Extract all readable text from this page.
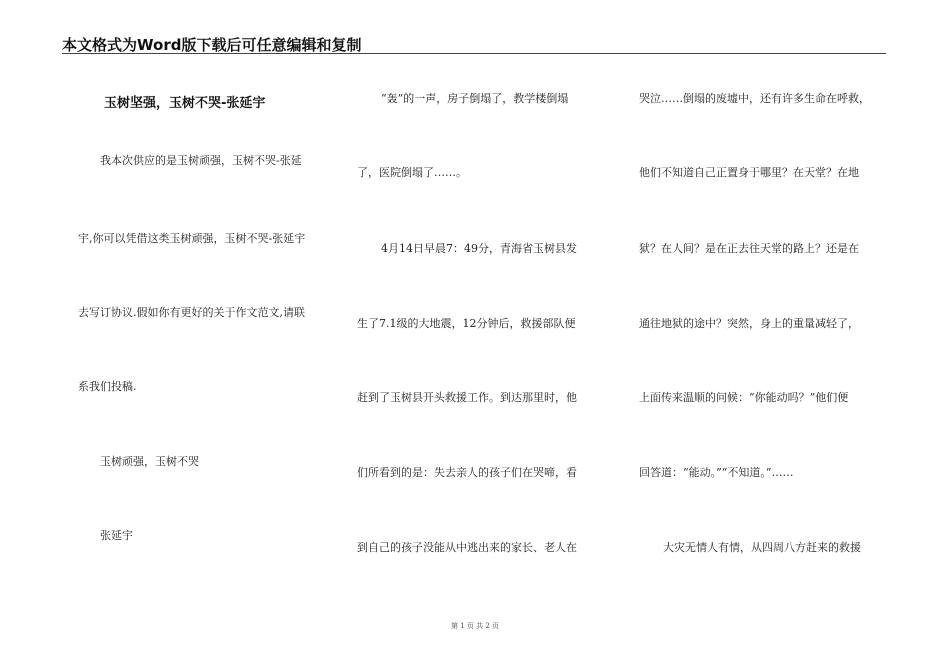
本文格式为Word版下载后可任意编辑和复制
玉树坚强，玉树不哭-张延宇
我本次供应的是玉树顽强，玉树不哭-张延
宇,你可以凭借这类玉树顽强，玉树不哭-张延宇
去写订协议.假如你有更好的关于作文范文,请联
系我们投稿.
玉树顽强，玉树不哭
张延宇
“轰”的一声，房子倒塌了，教学楼倒塌
了，医院倒塌了……。
4月14日早晨7：49分，青海省玉树县发
生了7.1级的大地震，12分钟后，救援部队便
赶到了玉树县开头救援工作。到达那里时，他
们所看到的是：失去亲人的孩子们在哭啼，看
到自己的孩子没能从中逃出来的家长、老人在
哭泣……倒塌的废墟中，还有许多生命在呼救，
他们不知道自己正置身于哪里？在天堂？在地
狱？在人间？是在正去往天堂的路上？还是在
通往地狱的途中？突然，身上的重量减轻了，
上面传来温顺的问候：“你能动吗？”他们便
回答道：“能动。”“不知道。”……
大灾无情人有情，从四周八方赶来的救援
第 1 页 共 2 页
